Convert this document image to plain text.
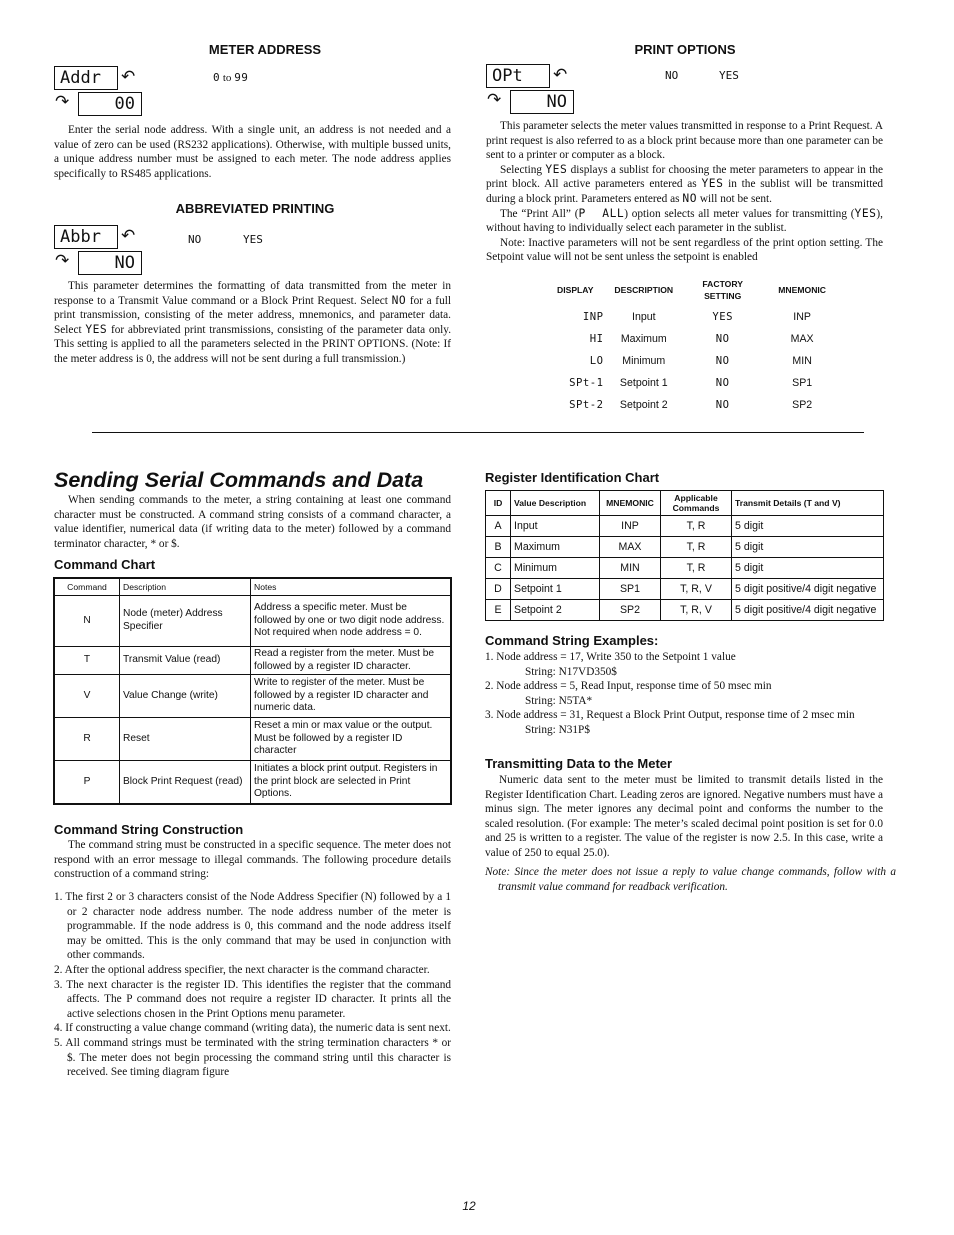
METER ADDRESS
Addr	↶
↷	00
0 to 99

Enter the serial node address. With a single unit, an address is not needed and a value of zero can be used (RS232 applications). Otherwise, with multiple bussed units, a unique address number must be assigned to each meter. The node address applies specifically to RS485 applications.

ABBREVIATED PRINTING
Abbr	↶
↷	NO
NO	YES

This parameter determines the formatting of data transmitted from the meter in response to a Transmit Value command or a Block Print Request. Select NO for a full print transmission, consisting of the meter address, mnemonics, and parameter data. Select YES for abbreviated print transmissions, consisting of the parameter data only. This setting is applied to all the parameters selected in the PRINT OPTIONS. (Note: If the meter address is 0, the address will not be sent during a full transmission.)

PRINT OPTIONS
OPt	↶
↷	NO
NO	YES

This parameter selects the meter values transmitted in response to a Print Request. A print request is also referred to as a block print because more than one parameter can be sent to a printer or computer as a block.

Selecting YES displays a sublist for choosing the meter parameters to appear in the print block. All active parameters entered as YES in the sublist will be transmitted during a block print. Parameters entered as NO will not be sent.

The “Print All” (P  ALL) option selects all meter values for transmitting (YES), without having to individually select each parameter in the sublist.

Note: Inactive parameters will not be sent regardless of the print option setting. The Setpoint value will not be sent unless the setpoint is enabled

DISPLAY	DESCRIPTION	FACTORY SETTING	MNEMONIC
INP	Input	YES	INP
HI	Maximum	NO	MAX
LO	Minimum	NO	MIN
SPt-1	Setpoint 1	NO	SP1
SPt-2	Setpoint 2	NO	SP2
Sending Serial Commands and Data

When sending commands to the meter, a string containing at least one command character must be constructed. A command string consists of a command character, a value identifier, numerical data (if writing data to the meter) followed by a command terminator character, * or $.

Command Chart
Command	Description	Notes
N	Node (meter) Address Specifier	Address a specific meter. Must be followed by one or two digit node address. Not required when node address = 0.
T	Transmit Value (read)	Read a register from the meter. Must be followed by a register ID character.
V	Value Change (write)	Write to register of the meter. Must be followed by a register ID character and numeric data.
R	Reset	Reset a min or max value or the output. Must be followed by a register ID character
P	Block Print Request (read)	Initiates a block print output. Registers in the print block are selected in Print Options.
Command String Construction

The command string must be constructed in a specific sequence. The meter does not respond with an error message to illegal commands. The following procedure details construction of a command string:

1. The first 2 or 3 characters consist of the Node Address Specifier (N) followed by a 1 or 2 character node address number. The node address number of the meter is programmable. If the node address is 0, this command and the node address itself may be omitted. This is the only command that may be used in conjunction with other commands.
2. After the optional address specifier, the next character is the command character.
3. The next character is the register ID. This identifies the register that the command affects. The P command does not require a register ID character. It prints all the active selections chosen in the Print Options menu parameter.
4. If constructing a value change command (writing data), the numeric data is sent next.
5. All command strings must be terminated with the string termination characters * or $. The meter does not begin processing the command string until this character is received. See timing diagram figure
Register Identification Chart
ID	Value Description	MNEMONIC	Applicable Commands	Transmit Details (T and V)
A	Input	INP	T, R	5 digit
B	Maximum	MAX	T, R	5 digit
C	Minimum	MIN	T, R	5 digit
D	Setpoint 1	SP1	T, R, V	5 digit positive/4 digit negative
E	Setpoint 2	SP2	T, R, V	5 digit positive/4 digit negative
Command String Examples:
1. Node address = 17, Write 350 to the Setpoint 1 value
String: N17VD350$
2. Node address = 5, Read Input, response time of 50 msec min
String: N5TA*
3. Node address = 31, Request a Block Print Output, response time of 2 msec min
String: N31P$
Transmitting Data to the Meter

Numeric data sent to the meter must be limited to transmit details listed in the Register Identification Chart. Leading zeros are ignored. Negative numbers must have a minus sign. The meter ignores any decimal point and conforms the number to the scaled resolution. (For example: The meter’s scaled decimal point position is set for 0.0 and 25 is written to a register. The value of the register is now 2.5. In this case, write a value of 250 to equal 25.0).

Note: Since the meter does not issue a reply to value change commands, follow with a transmit value command for readback verification.

12
